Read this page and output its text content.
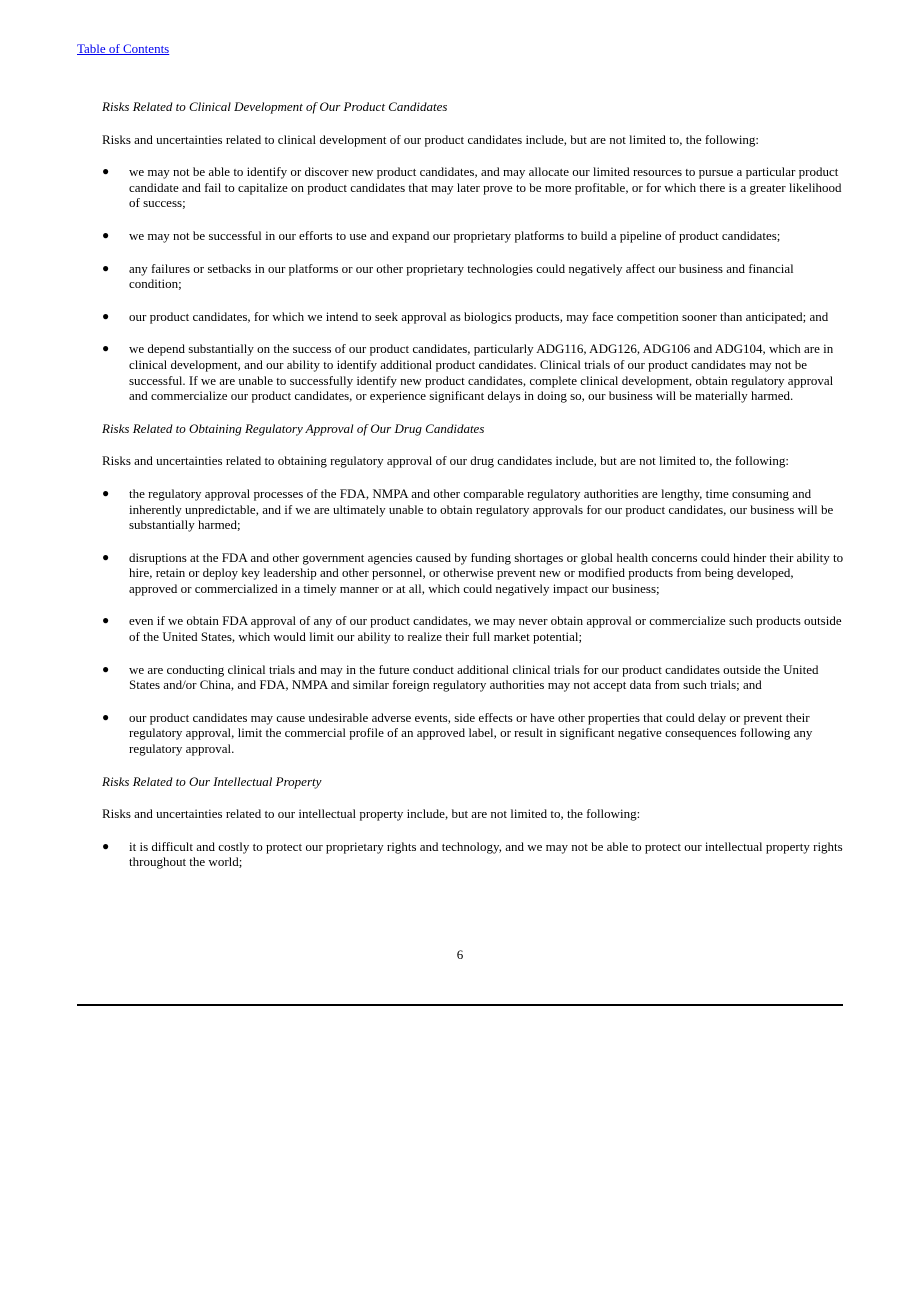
Table of Contents

Risks Related to Clinical Development of Our Product Candidates

Risks and uncertainties related to clinical development of our product candidates include, but are not limited to, the following:

●	we may not be able to identify or discover new product candidates, and may allocate our limited resources to pursue a particular product candidate and fail to capitalize on product candidates that may later prove to be more profitable, or for which there is a greater likelihood of success;
●	we may not be successful in our efforts to use and expand our proprietary platforms to build a pipeline of product candidates;
●	any failures or setbacks in our platforms or our other proprietary technologies could negatively affect our business and financial condition;
●	our product candidates, for which we intend to seek approval as biologics products, may face competition sooner than anticipated; and
●	we depend substantially on the success of our product candidates, particularly ADG116, ADG126, ADG106 and ADG104, which are in clinical development, and our ability to identify additional product candidates. Clinical trials of our product candidates may not be successful. If we are unable to successfully identify new product candidates, complete clinical development, obtain regulatory approval and commercialize our product candidates, or experience significant delays in doing so, our business will be materially harmed.

Risks Related to Obtaining Regulatory Approval of Our Drug Candidates

Risks and uncertainties related to obtaining regulatory approval of our drug candidates include, but are not limited to, the following:

●	the regulatory approval processes of the FDA, NMPA and other comparable regulatory authorities are lengthy, time consuming and inherently unpredictable, and if we are ultimately unable to obtain regulatory approvals for our product candidates, our business will be substantially harmed;
●	disruptions at the FDA and other government agencies caused by funding shortages or global health concerns could hinder their ability to hire, retain or deploy key leadership and other personnel, or otherwise prevent new or modified products from being developed, approved or commercialized in a timely manner or at all, which could negatively impact our business;
●	even if we obtain FDA approval of any of our product candidates, we may never obtain approval or commercialize such products outside of the United States, which would limit our ability to realize their full market potential;
●	we are conducting clinical trials and may in the future conduct additional clinical trials for our product candidates outside the United States and/or China, and FDA, NMPA and similar foreign regulatory authorities may not accept data from such trials; and
●	our product candidates may cause undesirable adverse events, side effects or have other properties that could delay or prevent their regulatory approval, limit the commercial profile of an approved label, or result in significant negative consequences following any regulatory approval.

Risks Related to Our Intellectual Property

Risks and uncertainties related to our intellectual property include, but are not limited to, the following:

●	it is difficult and costly to protect our proprietary rights and technology, and we may not be able to protect our intellectual property rights throughout the world;
6
